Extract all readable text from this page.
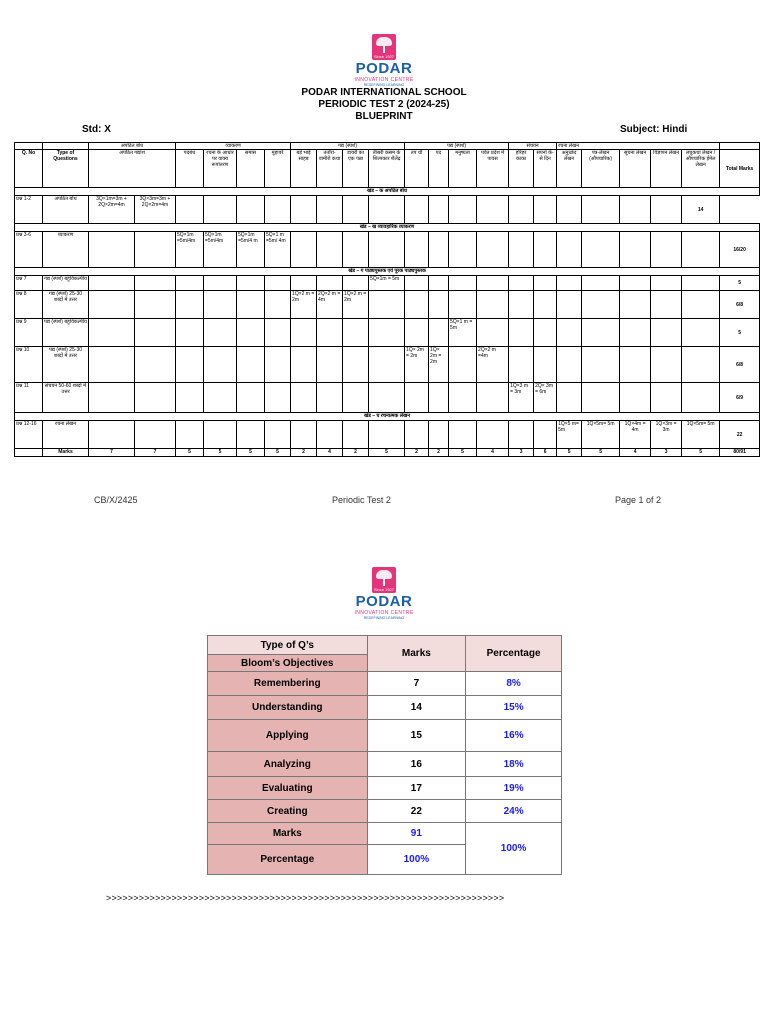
Since 1927
PODAR
INNOVATION CENTRE
REDEFINING LEARNING
PODAR INTERNATIONAL SCHOOL
PERIODIC TEST 2 (2024-25)
BLUEPRINT
Std: X	Subject: Hindi
		अपठित बोध		व्याकरण				गद्य (स्पर्श)				पद्य (स्पर्श)				संचयन		रचना लेखन					
Q. No	Type of Questions	अपठित गद्यांश		पदबंध	रचना के आधार पर वाक्य रूपांतरण	समास	मुहावरे	बड़े भाई साहब	तताँरा-वामीरो कथा	डायरी का एक पन्ना	तीसरी कसम के शिल्पकार शैलेंद्र	तप थी	पद	मनुष्यता	पर्वत प्रदेश में पावस	हरिहर काका	सपनों के-से दिन	अनुच्छेद लेखन	पत्र-लेखन (औपचारिक)	सूचना लेखन	विज्ञापन लेखन	लघुकथा लेखन / औपचारिक ईमेल लेखन	Total Marks
खंड – क अपठित बोध																							
प्रश्न 1-2	अपठित बोध	3Q×1m=3m + 2Q×2m=4m	3Q×3m=3m + 2Q×2m=4m																			14	
खंड – ख व्यावहारिक व्याकरण																							
प्रश्न 3-6	व्याकरण			5Q×1m =5m/4m	5Q×1m =5m/4m	5Q×1m =5m/4 m	5Q×1 m =5m/ 4m																16/20
खंड – ग पाठ्यपुस्तक एवं पूरक पाठ्यपुस्तक																							
प्रश्न 7	गद्य (स्पर्श) बहुविकल्पीय										5Q×1m = 5m												5
प्रश्न 8	गद्य (स्पर्श) 25-30 शब्दों में उत्तर							1Q×2 m = 2m	2Q×2 m = 4m	1Q×2 m = 2m													6/8
प्रश्न 9	पद्य (स्पर्श) बहुविकल्पीय													5Q×1 m = 5m									5
प्रश्न 10	पद्य (स्पर्श) 25-30 शब्दों में उत्तर											1Q× 2m = 2m	1Q× 2m = 2m		2Q×2 m =4m								6/8
प्रश्न 11	संचयन 50-60 शब्दों में उत्तर															1Q×3 m = 3m	2Q× 3m = 6m						6/9
खंड – घ रचनात्मक लेखन																							
प्रश्न 12-16	रचना लेखन																	1Q×5 m= 5m	1Q×5m= 5m	1Q×4m = 4m	1Q×3m = 3m	1Q×5m= 5m	22
	Marks	7	7	5	5	5	5	2	4	2	5	2	2	5	4	3	6	5	5	4	3	5	80/91
CB/X/2425	Periodic Test 2	Page 1 of 2
Since 1927
PODAR
INNOVATION CENTRE
REDEFINING LEARNING
Type of Q’s	Marks	Percentage
Bloom’s Objectives		
Remembering	7	8%
Understanding	14	15%
Applying	15	16%
Analyzing	16	18%
Evaluating	17	19%
Creating	22	24%
Marks	91	100%
Percentage	100%	
>>>>>>>>>>>>>>>>>>>>>>>>>>>>>>>>>>>>>>>>>>>>>>>>>>>>>>>>>>>>>>>>>>>>>>>>>
